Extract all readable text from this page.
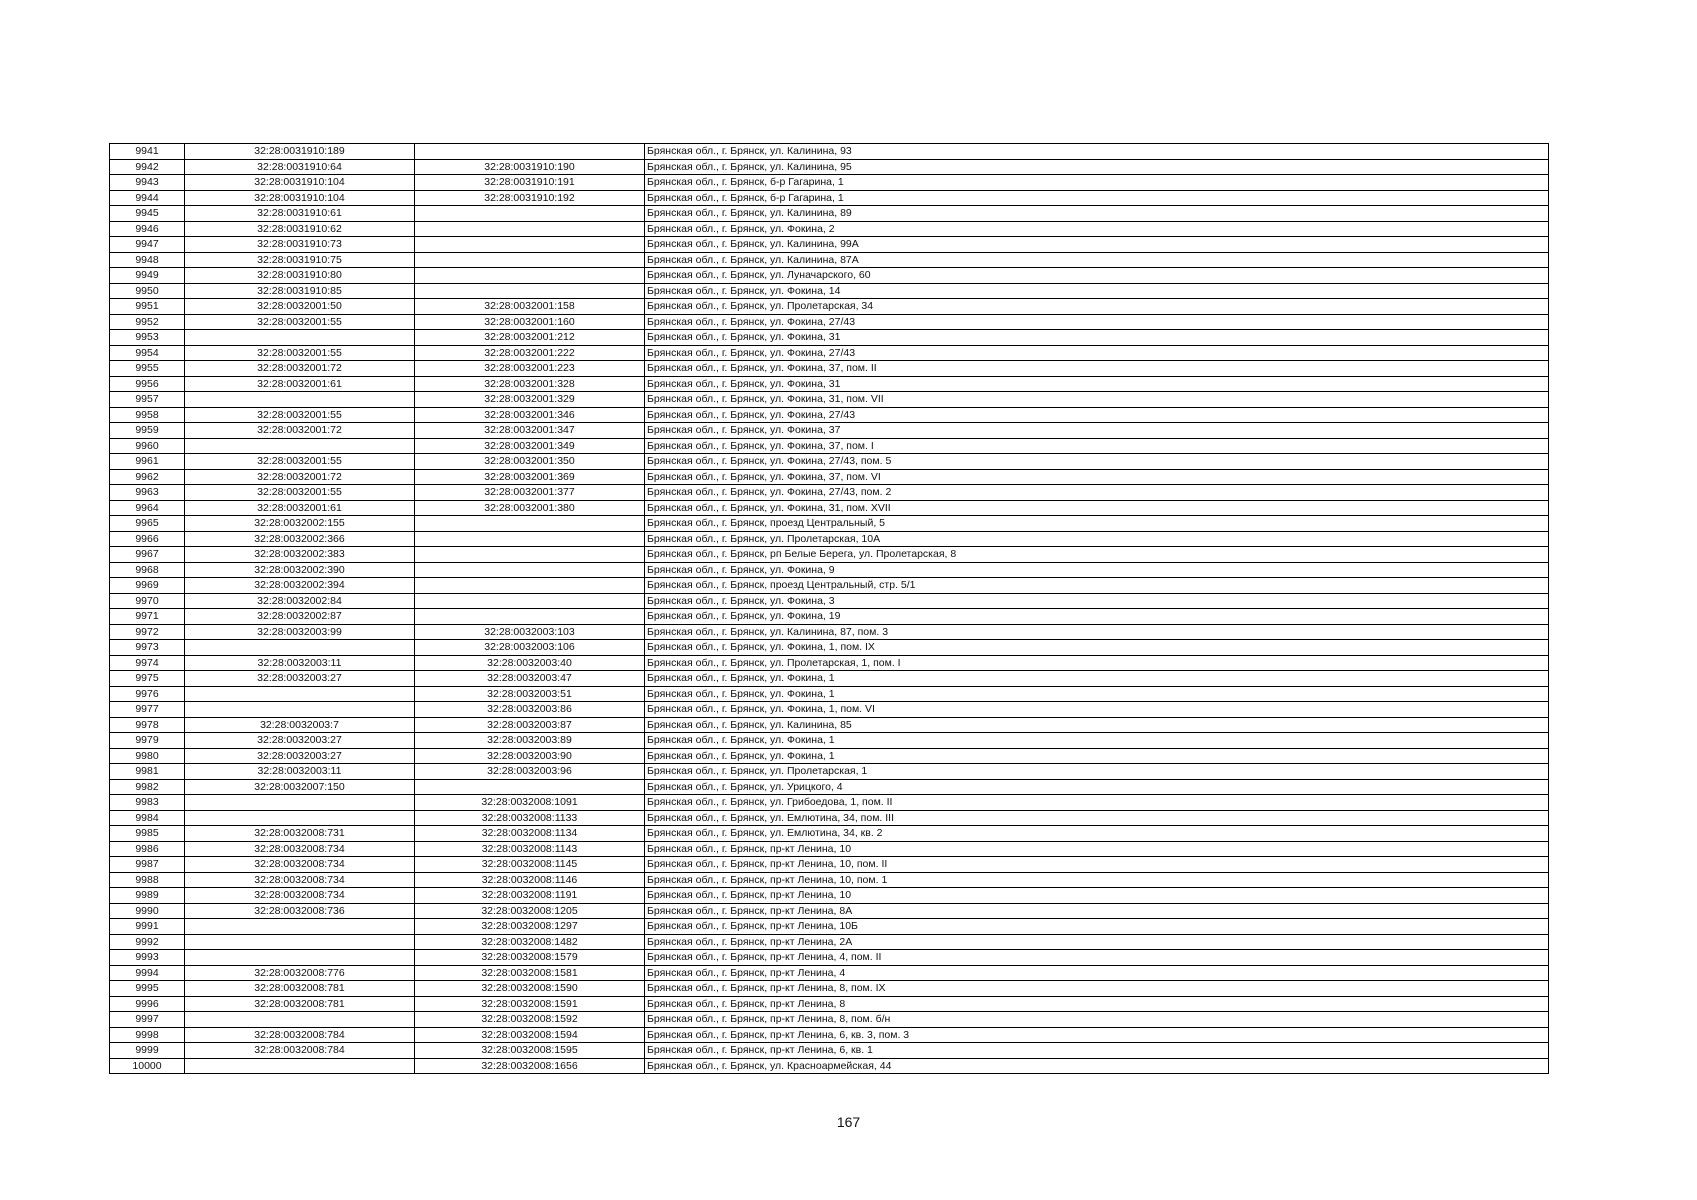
9941	32:28:0031910:189		Брянская обл., г. Брянск, ул. Калинина, 93
9942	32:28:0031910:64	32:28:0031910:190	Брянская обл., г. Брянск, ул. Калинина, 95
9943	32:28:0031910:104	32:28:0031910:191	Брянская обл., г. Брянск, б-р Гагарина, 1
9944	32:28:0031910:104	32:28:0031910:192	Брянская обл., г. Брянск, б-р Гагарина, 1
9945	32:28:0031910:61		Брянская обл., г. Брянск, ул. Калинина, 89
9946	32:28:0031910:62		Брянская обл., г. Брянск, ул. Фокина, 2
9947	32:28:0031910:73		Брянская обл., г. Брянск, ул. Калинина, 99А
9948	32:28:0031910:75		Брянская обл., г. Брянск, ул. Калинина, 87А
9949	32:28:0031910:80		Брянская обл., г. Брянск, ул. Луначарского, 60
9950	32:28:0031910:85		Брянская обл., г. Брянск, ул. Фокина, 14
9951	32:28:0032001:50	32:28:0032001:158	Брянская обл., г. Брянск, ул. Пролетарская, 34
9952	32:28:0032001:55	32:28:0032001:160	Брянская обл., г. Брянск, ул. Фокина, 27/43
9953		32:28:0032001:212	Брянская обл., г. Брянск, ул. Фокина, 31
9954	32:28:0032001:55	32:28:0032001:222	Брянская обл., г. Брянск, ул. Фокина, 27/43
9955	32:28:0032001:72	32:28:0032001:223	Брянская обл., г. Брянск, ул. Фокина, 37, пом. II
9956	32:28:0032001:61	32:28:0032001:328	Брянская обл., г. Брянск, ул. Фокина, 31
9957		32:28:0032001:329	Брянская обл., г. Брянск, ул. Фокина, 31, пом. VII
9958	32:28:0032001:55	32:28:0032001:346	Брянская обл., г. Брянск, ул. Фокина, 27/43
9959	32:28:0032001:72	32:28:0032001:347	Брянская обл., г. Брянск, ул. Фокина, 37
9960		32:28:0032001:349	Брянская обл., г. Брянск, ул. Фокина, 37, пом. I
9961	32:28:0032001:55	32:28:0032001:350	Брянская обл., г. Брянск, ул. Фокина, 27/43, пом. 5
9962	32:28:0032001:72	32:28:0032001:369	Брянская обл., г. Брянск, ул. Фокина, 37, пом. VI
9963	32:28:0032001:55	32:28:0032001:377	Брянская обл., г. Брянск, ул. Фокина, 27/43, пом. 2
9964	32:28:0032001:61	32:28:0032001:380	Брянская обл., г. Брянск, ул. Фокина, 31, пом. XVII
9965	32:28:0032002:155		Брянская обл., г. Брянск, проезд Центральный, 5
9966	32:28:0032002:366		Брянская обл., г. Брянск, ул. Пролетарская, 10А
9967	32:28:0032002:383		Брянская обл., г. Брянск, рп Белые Берега, ул. Пролетарская, 8
9968	32:28:0032002:390		Брянская обл., г. Брянск, ул. Фокина, 9
9969	32:28:0032002:394		Брянская обл., г. Брянск, проезд Центральный, стр. 5/1
9970	32:28:0032002:84		Брянская обл., г. Брянск, ул. Фокина, 3
9971	32:28:0032002:87		Брянская обл., г. Брянск, ул. Фокина, 19
9972	32:28:0032003:99	32:28:0032003:103	Брянская обл., г. Брянск, ул. Калинина, 87, пом. 3
9973		32:28:0032003:106	Брянская обл., г. Брянск, ул. Фокина, 1, пом. IX
9974	32:28:0032003:11	32:28:0032003:40	Брянская обл., г. Брянск, ул. Пролетарская, 1, пом. I
9975	32:28:0032003:27	32:28:0032003:47	Брянская обл., г. Брянск, ул. Фокина, 1
9976		32:28:0032003:51	Брянская обл., г. Брянск, ул. Фокина, 1
9977		32:28:0032003:86	Брянская обл., г. Брянск, ул. Фокина, 1, пом. VI
9978	32:28:0032003:7	32:28:0032003:87	Брянская обл., г. Брянск, ул. Калинина, 85
9979	32:28:0032003:27	32:28:0032003:89	Брянская обл., г. Брянск, ул. Фокина, 1
9980	32:28:0032003:27	32:28:0032003:90	Брянская обл., г. Брянск, ул. Фокина, 1
9981	32:28:0032003:11	32:28:0032003:96	Брянская обл., г. Брянск, ул. Пролетарская, 1
9982	32:28:0032007:150		Брянская обл., г. Брянск, ул. Урицкого, 4
9983		32:28:0032008:1091	Брянская обл., г. Брянск, ул. Грибоедова, 1, пом. II
9984		32:28:0032008:1133	Брянская обл., г. Брянск, ул. Емлютина, 34, пом. III
9985	32:28:0032008:731	32:28:0032008:1134	Брянская обл., г. Брянск, ул. Емлютина, 34, кв. 2
9986	32:28:0032008:734	32:28:0032008:1143	Брянская обл., г. Брянск, пр-кт Ленина, 10
9987	32:28:0032008:734	32:28:0032008:1145	Брянская обл., г. Брянск, пр-кт Ленина, 10, пом. II
9988	32:28:0032008:734	32:28:0032008:1146	Брянская обл., г. Брянск, пр-кт Ленина, 10, пом. 1
9989	32:28:0032008:734	32:28:0032008:1191	Брянская обл., г. Брянск, пр-кт Ленина, 10
9990	32:28:0032008:736	32:28:0032008:1205	Брянская обл., г. Брянск, пр-кт Ленина, 8А
9991		32:28:0032008:1297	Брянская обл., г. Брянск, пр-кт Ленина, 10Б
9992		32:28:0032008:1482	Брянская обл., г. Брянск, пр-кт Ленина, 2А
9993		32:28:0032008:1579	Брянская обл., г. Брянск, пр-кт Ленина, 4, пом. II
9994	32:28:0032008:776	32:28:0032008:1581	Брянская обл., г. Брянск, пр-кт Ленина, 4
9995	32:28:0032008:781	32:28:0032008:1590	Брянская обл., г. Брянск, пр-кт Ленина, 8, пом. IX
9996	32:28:0032008:781	32:28:0032008:1591	Брянская обл., г. Брянск, пр-кт Ленина, 8
9997		32:28:0032008:1592	Брянская обл., г. Брянск, пр-кт Ленина, 8, пом. б/н
9998	32:28:0032008:784	32:28:0032008:1594	Брянская обл., г. Брянск, пр-кт Ленина, 6, кв. 3, пом. 3
9999	32:28:0032008:784	32:28:0032008:1595	Брянская обл., г. Брянск, пр-кт Ленина, 6, кв. 1
10000		32:28:0032008:1656	Брянская обл., г. Брянск, ул. Красноармейская, 44
167
